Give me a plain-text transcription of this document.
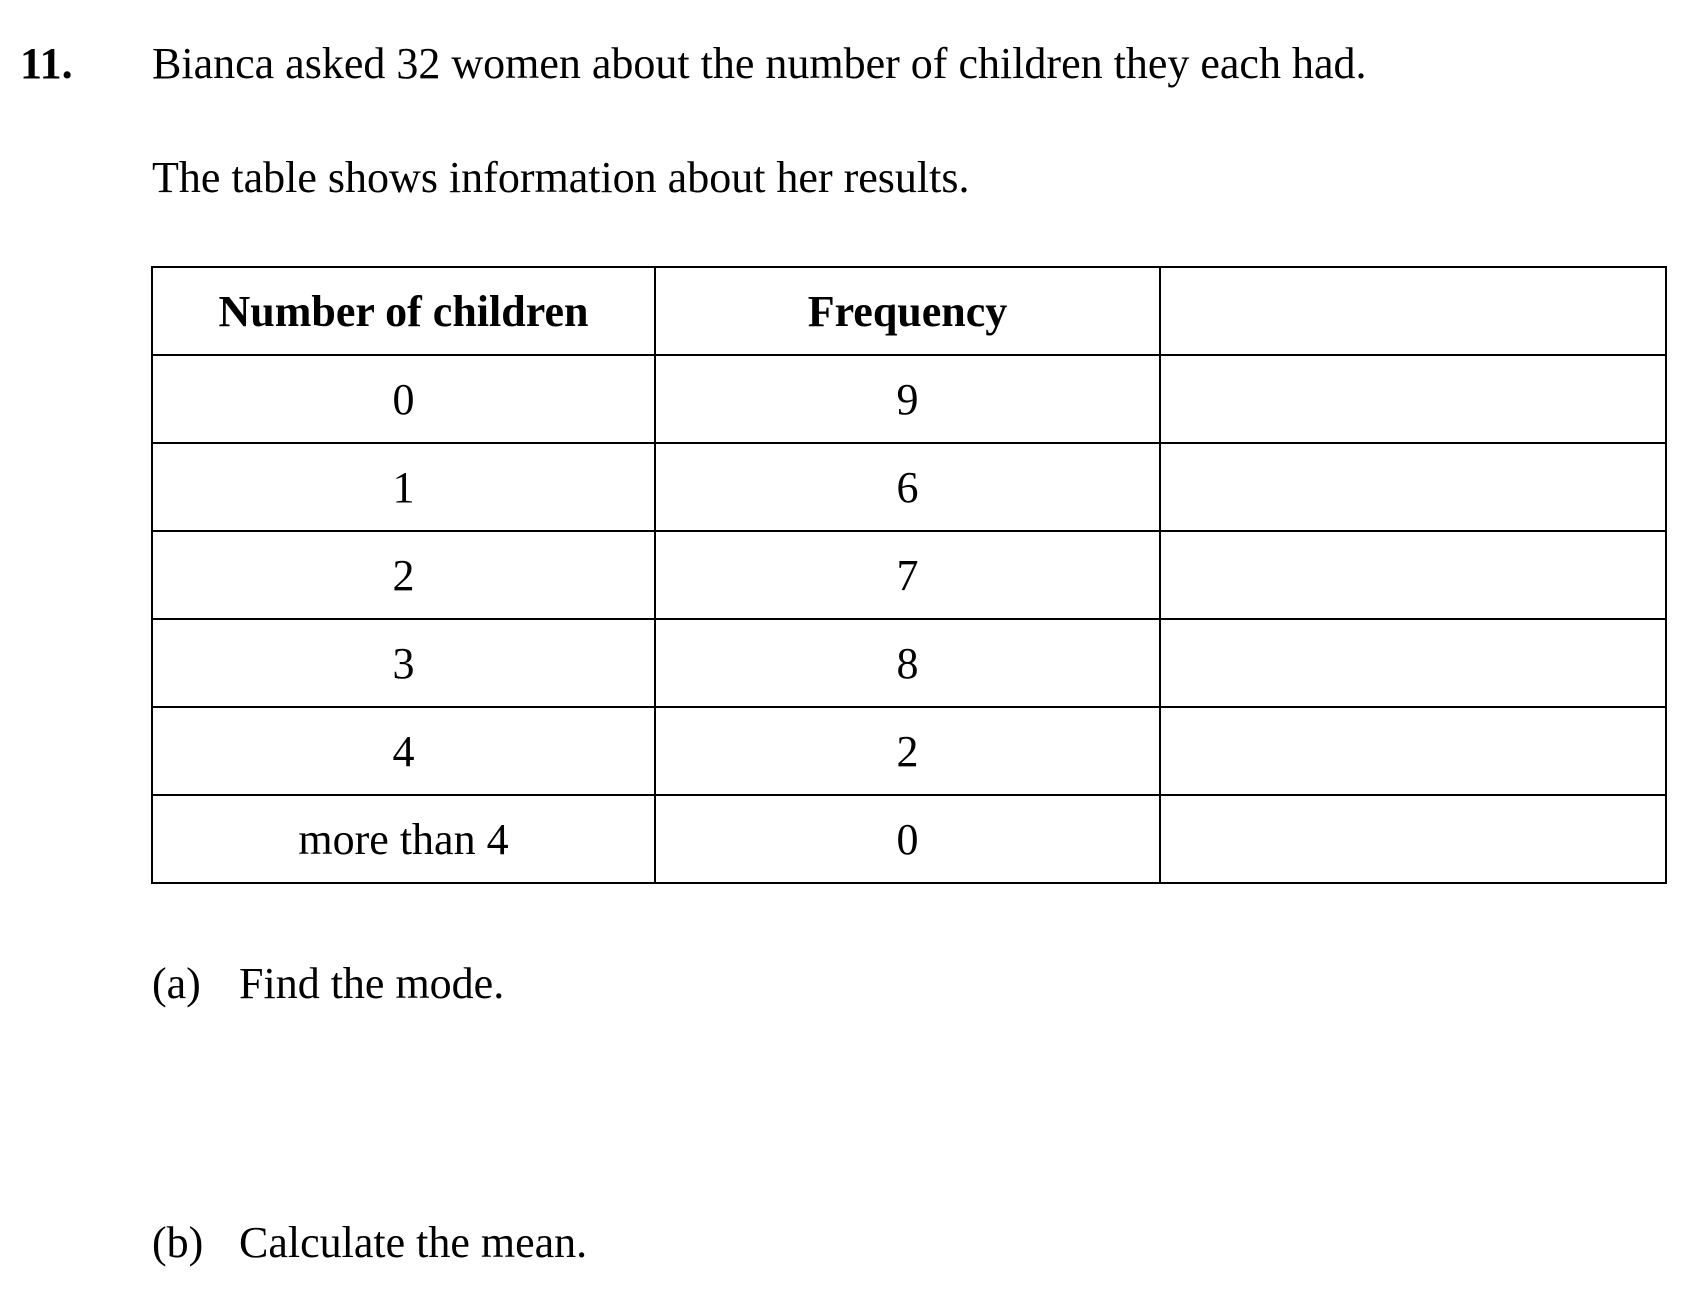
11. Bianca asked 32 women about the number of children they each had.
The table shows information about her results.
Number of children	Frequency	
0	9	
1	6	
2	7	
3	8	
4	2	
more than 4	0	
(a) Find the mode.
(b) Calculate the mean.
